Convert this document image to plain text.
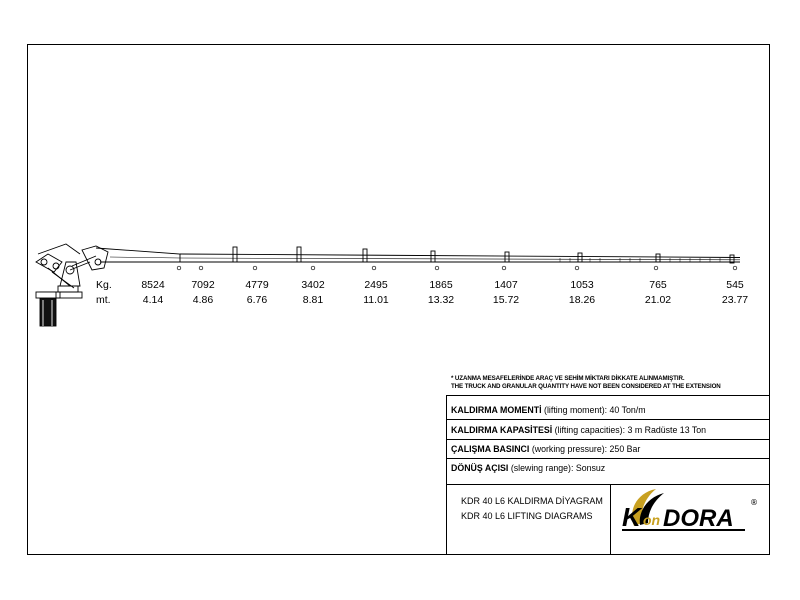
Kg.	8524	7092	4779	3402	2495	1865	1407	1053	765	545
mt.	4.14	4.86	6.76	8.81	11.01	13.32	15.72	18.26	21.02	23.77
* UZANMA MESAFELERİNDE ARAÇ VE SEHİM MİKTARI DİKKATE ALINMAMIŞTIR.
THE TRUCK AND GRANULAR QUANTITY HAVE NOT BEEN CONSIDERED AT THE EXTENSION
KALDIRMA MOMENTİ (lifting moment): 40 Ton/m
KALDIRMA KAPASİTESİ (lifting capacities): 3 m Radüste 13 Ton
ÇALIŞMA BASINCI (working pressure): 250 Bar
DÖNÜŞ AÇISI (slewing range): Sonsuz
KDR 40 L6 KALDIRMA DİYAGRAM
KDR 40 L6 LIFTING DIAGRAMS K on DORA
®
